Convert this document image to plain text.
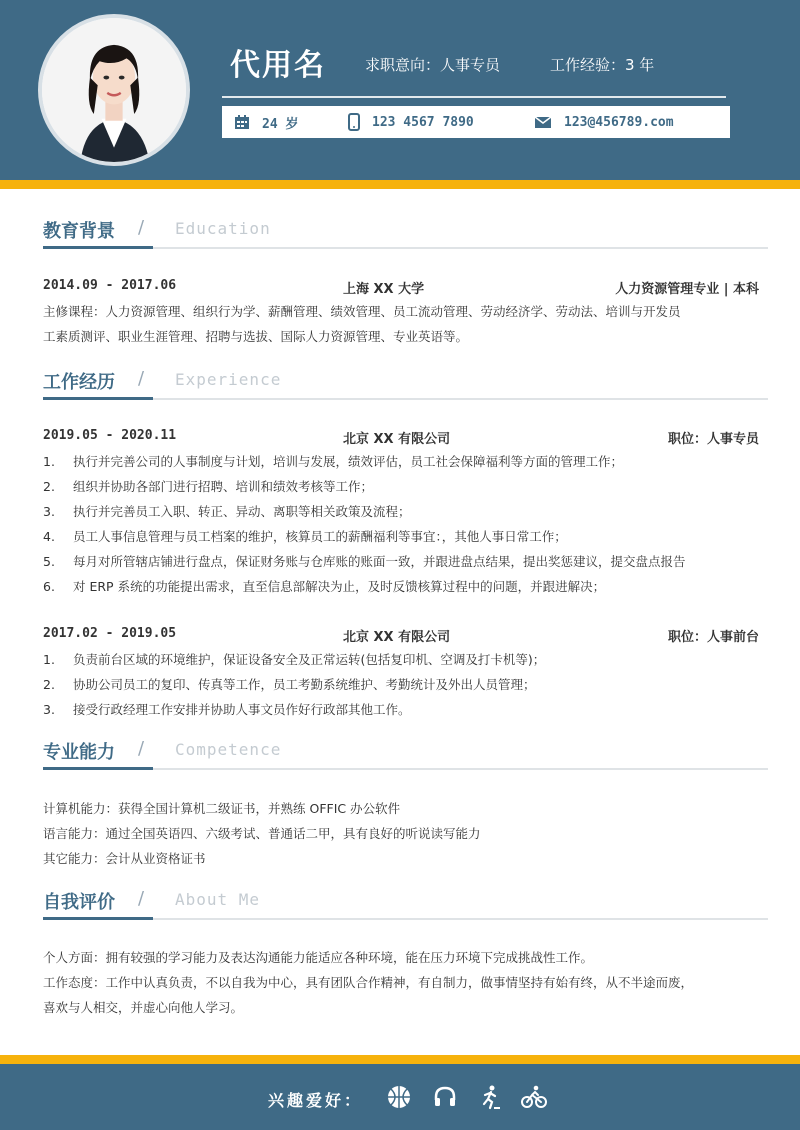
代用名	求职意向：人事专员	工作经验：3 年
24 岁	123 4567 7890	123@456789.com
教育背景 / Education
2014.09 - 2017.06	上海 XX 大学	人力资源管理专业 | 本科
主修课程：人力资源管理、组织行为学、薪酬管理、绩效管理、员工流动管理、劳动经济学、劳动法、培训与开发员
工素质测评、职业生涯管理、招聘与选拔、国际人力资源管理、专业英语等。
工作经历 / Experience
2019.05 - 2020.11	北京 XX 有限公司	职位：人事专员
1. 执行并完善公司的人事制度与计划，培训与发展，绩效评估，员工社会保障福利等方面的管理工作；
2. 组织并协助各部门进行招聘、培训和绩效考核等工作；
3. 执行并完善员工入职、转正、异动、离职等相关政策及流程；
4. 员工人事信息管理与员工档案的维护，核算员工的薪酬福利等事宜：，其他人事日常工作；
5. 每月对所管辖店铺进行盘点，保证财务账与仓库账的账面一致，并跟进盘点结果，提出奖惩建议，提交盘点报告
6. 对 ERP 系统的功能提出需求，直至信息部解决为止，及时反馈核算过程中的问题，并跟进解决；
2017.02 - 2019.05	北京 XX 有限公司	职位：人事前台
1. 负责前台区域的环境维护，保证设备安全及正常运转(包括复印机、空调及打卡机等)；
2. 协助公司员工的复印、传真等工作，员工考勤系统维护、考勤统计及外出人员管理；
3. 接受行政经理工作安排并协助人事文员作好行政部其他工作。
专业能力 / Competence
计算机能力：获得全国计算机二级证书，并熟练 OFFIC 办公软件
语言能力：通过全国英语四、六级考试、普通话二甲，具有良好的听说读写能力
其它能力：会计从业资格证书
自我评价 / About Me
个人方面：拥有较强的学习能力及表达沟通能力能适应各种环境，能在压力环境下完成挑战性工作。
工作态度：工作中认真负责，不以自我为中心，具有团队合作精神，有自制力，做事情坚持有始有终，从不半途而废，
喜欢与人相交，并虚心向他人学习。
兴趣爱好：
